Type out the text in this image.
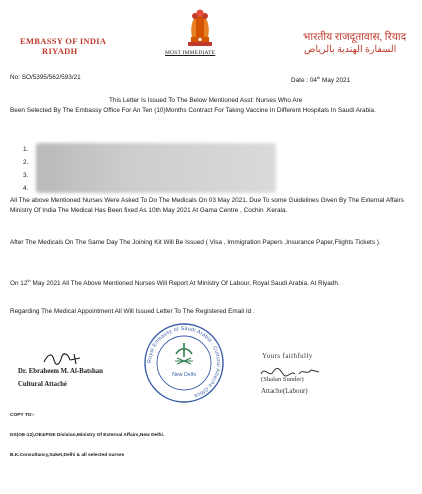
EMBASSY OF INDIA
RIYADH	MOST IMMEDIATE
भारतीय राजदूतावास, रियाद
السفارة الهندية بالرياض
No: SO/5395/562/593/21	Date : 04th May 2021
This Letter Is Issued To The Below Mentioned Asst: Nurses Who Are
Been Selected By The Embassy Office For An Ten (10)Months Contract For Taking Vaccine In Different Hospitals In Saudi Arabia.
1.
2.
3.
4.
All The above Mentioned Nurses Were Asked To Do The Medicals On 03 May 2021. Due To some Guidelines Given By The External Affairs Ministry Of India The Medical Has Been fixed As 10th May 2021 At Gama Centre , Cochin .Kerala.
After The Medicals On The Same Day The Joining Kit Will Be Issued ( Visa , Immigration Papers ,Insurance Paper,Flights Tickets ).
On 12th May 2021 All The Above Mentioned Nurses Will Report At Ministry Of Labour, Royal Saudi Arabia. At Riyadh.
Regarding The Medical Appointment All Will Issued Letter To The Registered Email Id .
Dr. Ebraheem M. Al-Batshan
Cultural Attaché
Royal Embassy of Saudi Arabia · Cultural Attache Office
New Delhi
Yours faithfully
(Shalan Sunder)
Attache(Labour)
COPY TO:-
DS(OE-12),OE&PGE Division,Ministry Of External Affairs,New Delhi.
B.K.Consultancy,Saket,Delhi & all selected nurses
